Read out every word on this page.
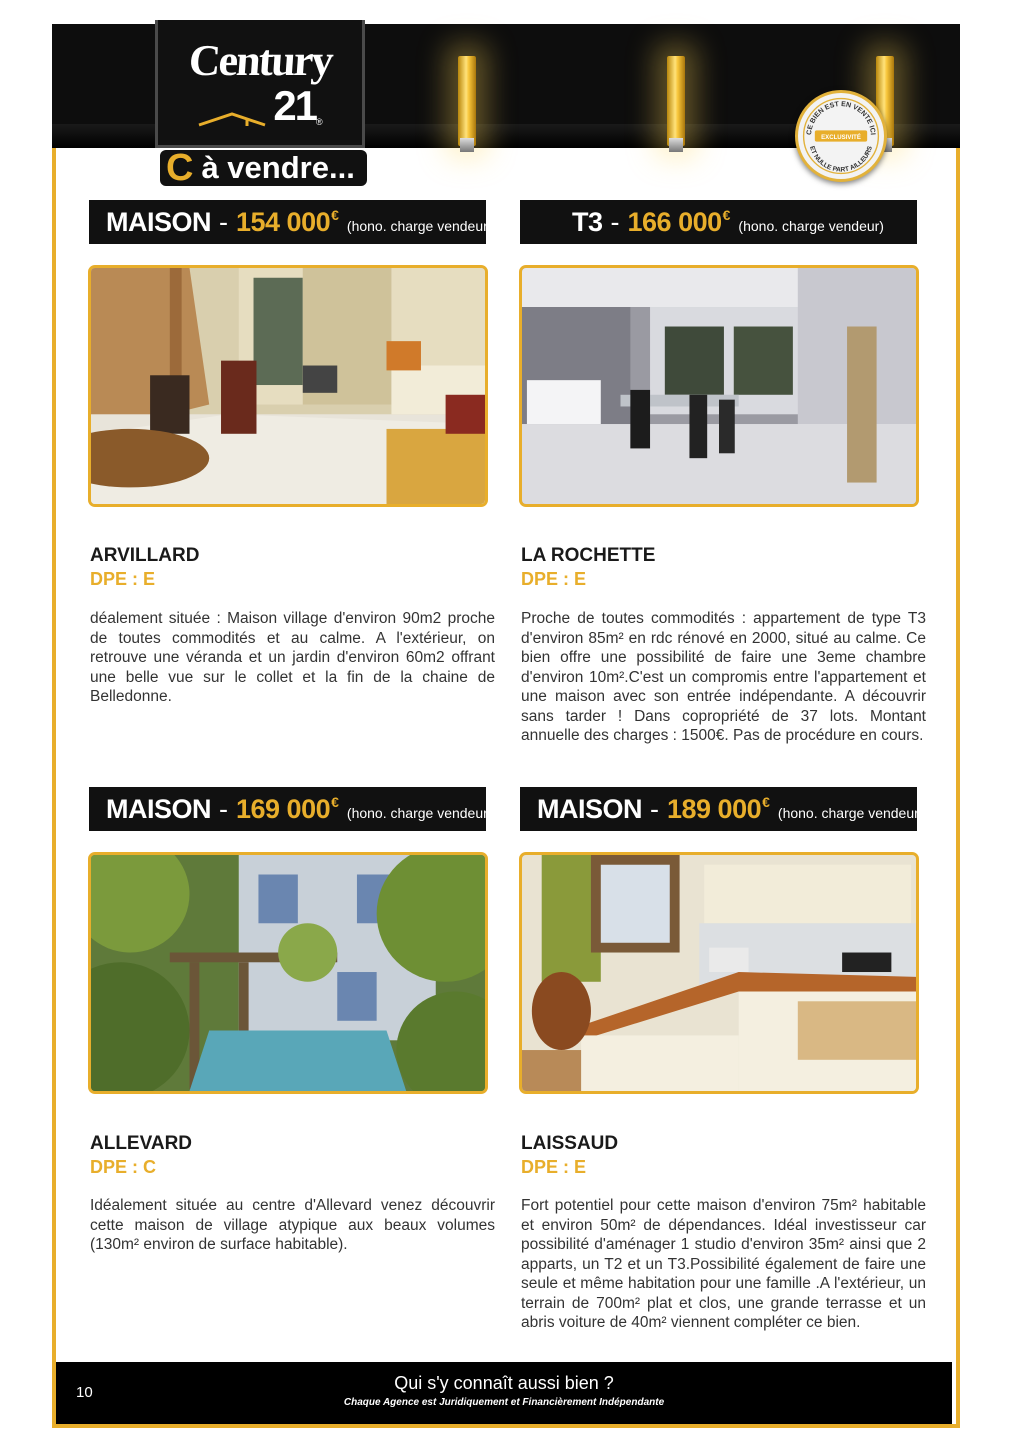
Century
21 ®
C à vendre...
CE BIEN EST EN VENTE ICI
ET NULLE PART AILLEURS
EXCLUSIVITÉ
MAISON - 154 000 €
(hono. charge vendeur)
ARVILLARD
DPE : E
déalement située : Maison village d'environ 90m2 proche de toutes commodités et au calme. A l'extérieur, on retrouve une véranda et un jardin d'environ 60m2 offrant une belle vue sur le collet et la fin de la chaine de Belledonne.
T3 - 166 000 €
(hono. charge vendeur)
LA ROCHETTE
DPE : E
Proche de toutes commodités : appartement de type T3 d'environ 85m² en rdc rénové en 2000, situé au calme. Ce bien offre une possibilité de faire une 3eme chambre d'environ 10m².C'est un compromis entre l'appartement et une maison avec son entrée indépendante. A découvrir sans tarder ! Dans copropriété de 37 lots. Montant annuelle des charges : 1500€. Pas de procédure en cours.
MAISON - 169 000 €
(hono. charge vendeur)
ALLEVARD
DPE : C
Idéalement située au centre d'Allevard venez découvrir cette maison de village atypique aux beaux volumes (130m² environ de surface habitable).
MAISON - 189 000 €
(hono. charge vendeur)
LAISSAUD
DPE : E
Fort potentiel pour cette maison d'environ 75m² habitable et environ 50m² de dépendances. Idéal investisseur car possibilité d'aménager 1 studio d'environ 35m² ainsi que 2 apparts, un T2 et un T3.Possibilité également de faire une seule et même habitation pour une famille .A l'extérieur, un terrain de 700m² plat et clos, une grande terrasse et un abris voiture de 40m² viennent compléter ce bien.
10	Qui s'y connaît aussi bien ?
Chaque Agence est Juridiquement et Financièrement Indépendante
